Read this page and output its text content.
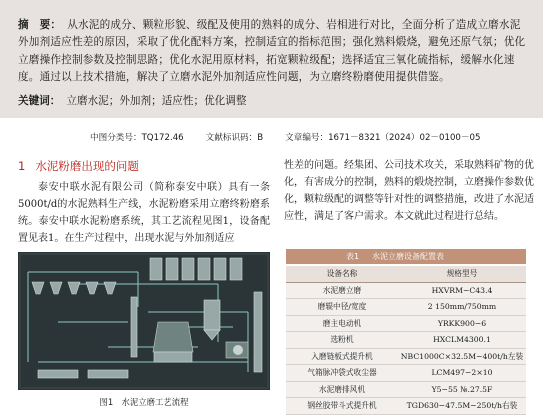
摘　要： 从水泥的成分、颗粒形貌、级配及使用的熟料的成分、岩相进行对比，全面分析了造成立磨水泥外加剂适应性差的原因，采取了优化配料方案，控制适宜的指标范围；强化熟料煅烧，避免还原气氛；优化立磨操作控制参数及控制思路；优化水泥用原材料，拓宽颗粒级配；选择适宜三氧化硫指标，缓解水化速度。通过以上技术措施，解决了立磨水泥外加剂适应性问题，为立磨终粉磨使用提供借鉴。
关键词： 立磨水泥；外加剂；适应性；优化调整
中图分类号：TQ172.46	文献标识码：B	文章编号：1671－8321（2024）02－0100－05
1 水泥粉磨出现的问题

泰安中联水泥有限公司（简称泰安中联）具有一条5000t/d的水泥熟料生产线，水泥粉磨采用立磨终粉磨系统。泰安中联水泥粉磨系统，其工艺流程见图1，设备配置见表1。在生产过程中，出现水泥与外加剂适应

性差的问题。经集团、公司技术攻关，采取熟料矿物的优化，有害成分的控制，熟料的煅烧控制，立磨操作参数优化，颗粒级配的调整等针对性的调整措施，改进了水泥适应性，满足了客户需求。本文就此过程进行总结。

图1　水泥立磨工艺流程
表1 水泥立磨设备配置表
设备名称	规格型号
水泥磨立磨	HXVRM−C43.4
磨辊中径/宽度	2 150mm/750mm
磨主电动机	YRKK900−6
选粉机	HXCLM4300.1
入磨链板式提升机	NBC1000C×32.5M−400t/h左装
气箱脉冲袋式收尘器	LCM497−2×10
水泥磨排风机	Y5−55 №.27.5F
钢丝胶带斗式提升机	TGD630−47.5M−250t/h右装
